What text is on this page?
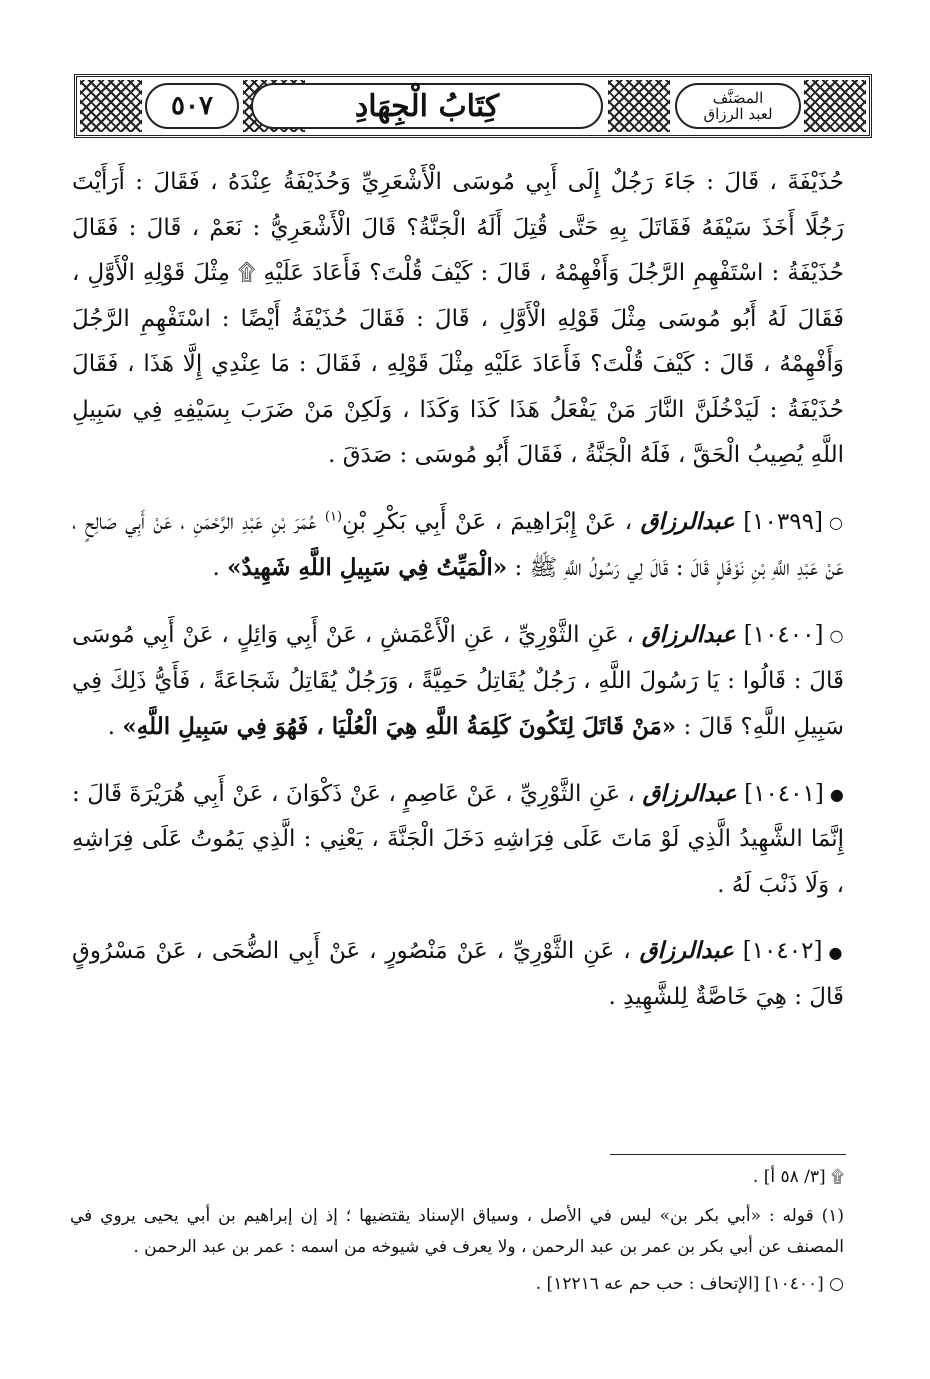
المصَنَّف
لعبد الرزاق
كِتَابُ الْجِهَادِ
٥٠٧

حُذَيْفَةَ ، قَالَ : جَاءَ رَجُلٌ إِلَى أَبِي مُوسَى الْأَشْعَرِيِّ وَحُذَيْفَةُ عِنْدَهُ ، فَقَالَ : أَرَأَيْتَ رَجُلًا أَخَذَ سَيْفَهُ فَقَاتَلَ بِهِ حَتَّى قُتِلَ أَلَهُ الْجَنَّةُ؟ قَالَ الْأَشْعَرِيُّ : نَعَمْ ، قَالَ : فَقَالَ حُذَيْفَةُ : اسْتَفْهِمِ الرَّجُلَ وَأَفْهِمْهُ ، قَالَ : كَيْفَ قُلْتَ؟ فَأَعَادَ عَلَيْهِ ۩ مِثْلَ قَوْلِهِ الْأَوَّلِ ، فَقَالَ لَهُ أَبُو مُوسَى مِثْلَ قَوْلِهِ الْأَوَّلِ ، قَالَ : فَقَالَ حُذَيْفَةُ أَيْضًا : اسْتَفْهِمِ الرَّجُلَ وَأَفْهِمْهُ ، قَالَ : كَيْفَ قُلْتَ؟ فَأَعَادَ عَلَيْهِ مِثْلَ قَوْلِهِ ، فَقَالَ : مَا عِنْدِي إِلَّا هَذَا ، فَقَالَ حُذَيْفَةُ : لَيَدْخُلَنَّ النَّارَ مَنْ يَفْعَلُ هَذَا كَذَا وَكَذَا ، وَلَكِنْ مَنْ ضَرَبَ بِسَيْفِهِ فِي سَبِيلِ اللَّهِ يُصِيبُ الْحَقَّ ، فَلَهُ الْجَنَّةُ ، فَقَالَ أَبُو مُوسَى : صَدَقَ .

○[١٠٣٩٩] عبدالرزاق ، عَنْ إِبْرَاهِيمَ ، عَنْ أَبِي بَكْرِ بْنِ$^{(١)}$ عُمَرَ بْنِ عَبْدِ الرَّحْمَنِ ، عَنْ أَبِي صَالِحٍ ، عَنْ عَبْدِ اللَّهِ بْنِ نَوْفَلٍ قَالَ : قَالَ لِي رَسُولُ اللَّهِ ﷺ : «الْمَيِّتُ فِي سَبِيلِ اللَّهِ شَهِيدٌ» .

○[١٠٤٠٠] عبدالرزاق ، عَنِ الثَّوْرِيِّ ، عَنِ الْأَعْمَشِ ، عَنْ أَبِي وَائِلٍ ، عَنْ أَبِي مُوسَى قَالَ : قَالُوا : يَا رَسُولَ اللَّهِ ، رَجُلٌ يُقَاتِلُ حَمِيَّةً ، وَرَجُلٌ يُقَاتِلُ شَجَاعَةً ، فَأَيُّ ذَلِكَ فِي سَبِيلِ اللَّهِ؟ قَالَ : «مَنْ قَاتَلَ لِتَكُونَ كَلِمَةُ اللَّهِ هِيَ الْعُلْيَا ، فَهُوَ فِي سَبِيلِ اللَّهِ» .

●[١٠٤٠١] عبدالرزاق ، عَنِ الثَّوْرِيِّ ، عَنْ عَاصِمٍ ، عَنْ ذَكْوَانَ ، عَنْ أَبِي هُرَيْرَةَ قَالَ : إِنَّمَا الشَّهِيدُ الَّذِي لَوْ مَاتَ عَلَى فِرَاشِهِ دَخَلَ الْجَنَّةَ ، يَعْنِي : الَّذِي يَمُوتُ عَلَى فِرَاشِهِ ، وَلَا ذَنْبَ لَهُ .

●[١٠٤٠٢] عبدالرزاق ، عَنِ الثَّوْرِيِّ ، عَنْ مَنْصُورٍ ، عَنْ أَبِي الضُّحَى ، عَنْ مَسْرُوقٍ قَالَ : هِيَ خَاصَّةٌ لِلشَّهِيدِ .

۩ [٣/ ٥٨ أ] .

(١) قوله : «أبي بكر بن» ليس في الأصل ، وسياق الإسناد يقتضيها ؛ إذ إن إبراهيم بن أبي يحيى يروي في المصنف عن أبي بكر بن عمر بن عبد الرحمن ، ولا يعرف في شيوخه من اسمه : عمر بن عبد الرحمن .

○ [١٠٤٠٠] [الإتحاف : حب حم عه ١٢٢١٦] .
